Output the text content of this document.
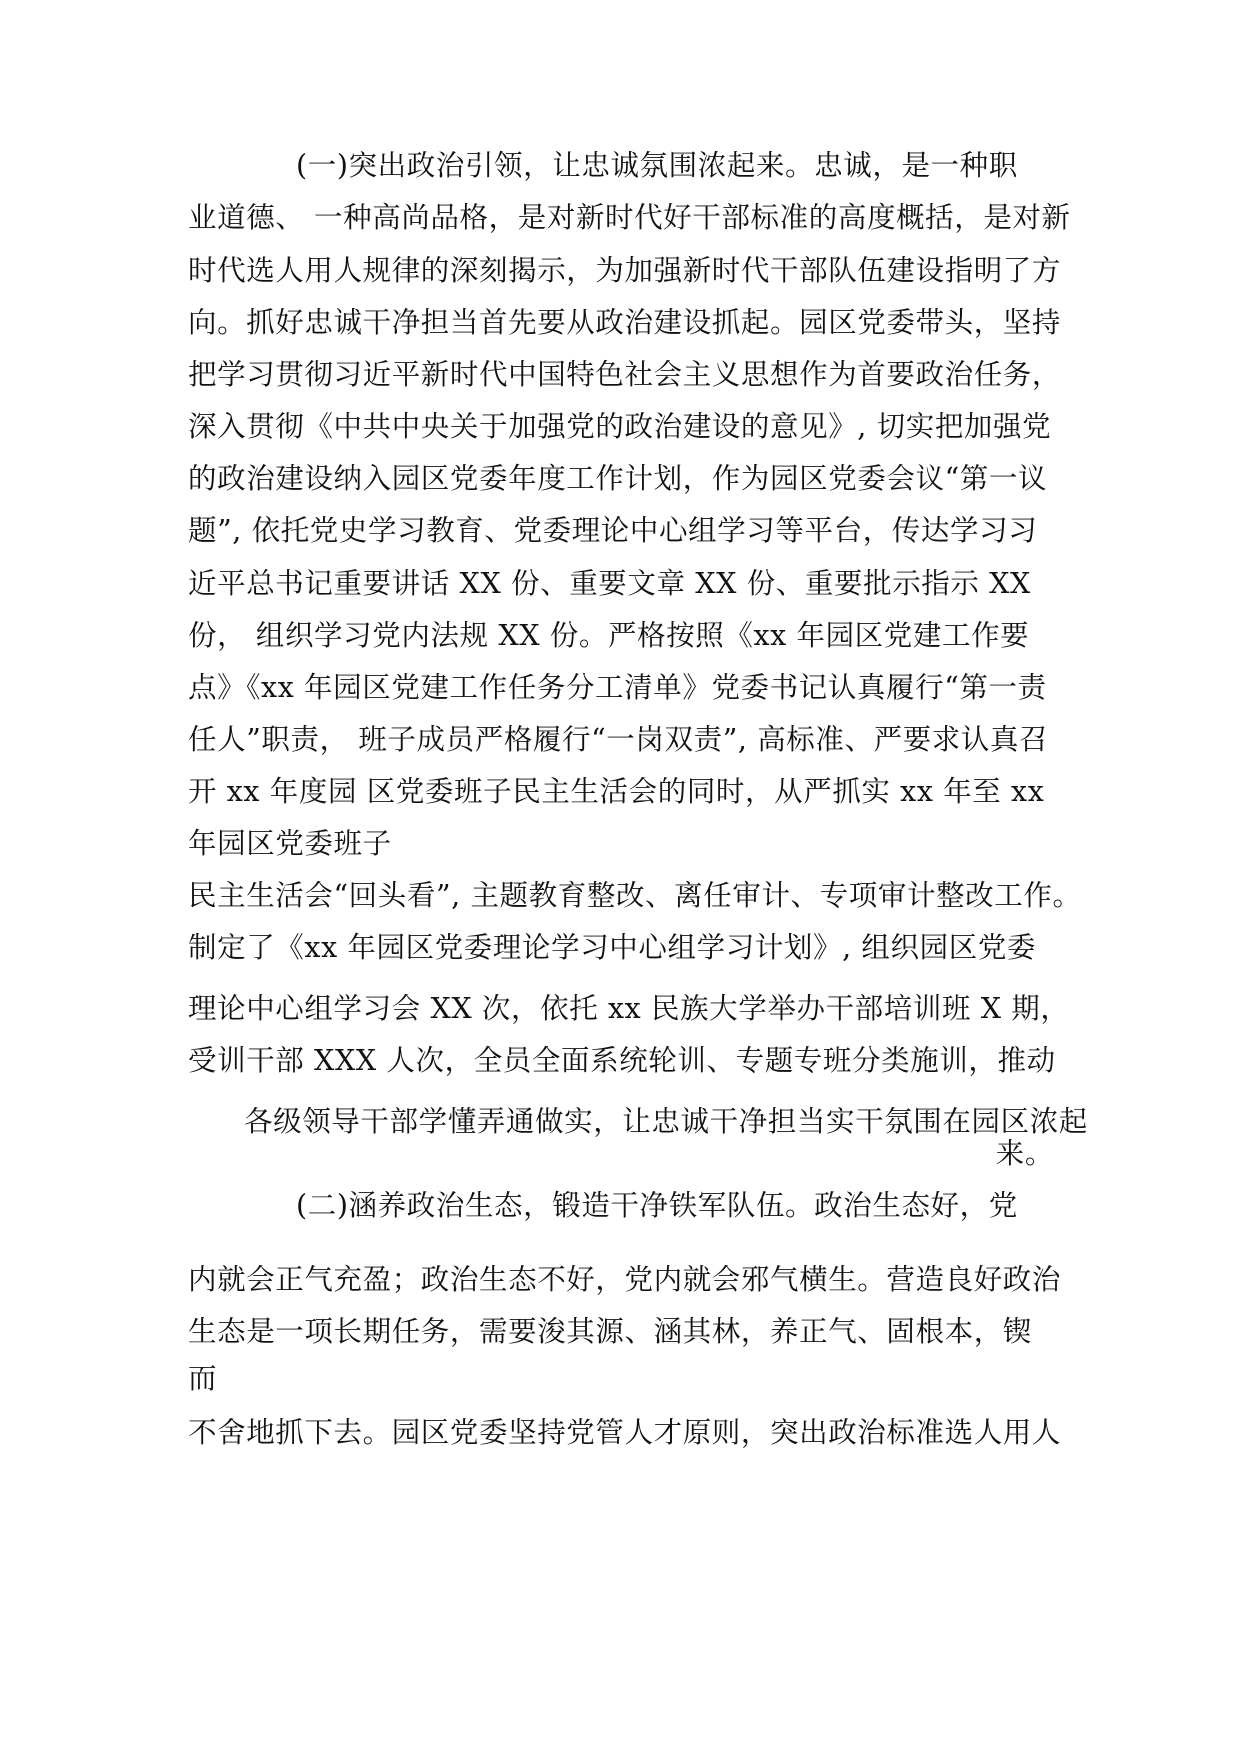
(一)突出政治引领，让忠诚氛围浓起来。忠诚，是一种职
业道德、 一种高尚品格，是对新时代好干部标准的高度概括，是对新
时代选人用人规律的深刻揭示，为加强新时代干部队伍建设指明了方
向。抓好忠诚干净担当首先要从政治建设抓起。园区党委带头，坚持
把学习贯彻习近平新时代中国特色社会主义思想作为首要政治任务，
深入贯彻《中共中央关于加强党的政治建设的意见》, 切实把加强党
的政治建设纳入园区党委年度工作计划，作为园区党委会议“第一议
题”, 依托党史学习教育、党委理论中心组学习等平台，传达学习习
近平总书记重要讲话 XX 份、重要文章 XX 份、重要批示指示 XX
份， 组织学习党内法规 XX 份。严格按照《xx 年园区党建工作要
点》《xx 年园区党建工作任务分工清单》党委书记认真履行“第一责
任人”职责， 班子成员严格履行“一岗双责”, 高标准、严要求认真召
开 xx 年度园 区党委班子民主生活会的同时，从严抓实 xx 年至 xx
年园区党委班子
民主生活会“回头看”, 主题教育整改、离任审计、专项审计整改工作。
制定了《xx 年园区党委理论学习中心组学习计划》, 组织园区党委
理论中心组学习会 XX 次，依托 xx 民族大学举办干部培训班 X 期，
受训干部 XXX 人次，全员全面系统轮训、专题专班分类施训，推动
各级领导干部学懂弄通做实，让忠诚干净担当实干氛围在园区浓起
来。
(二)涵养政治生态，锻造干净铁军队伍。政治生态好，党
内就会正气充盈；政治生态不好，党内就会邪气横生。营造良好政治
生态是一项长期任务，需要浚其源、涵其林，养正气、固根本，锲
而
不舍地抓下去。园区党委坚持党管人才原则，突出政治标准选人用人
